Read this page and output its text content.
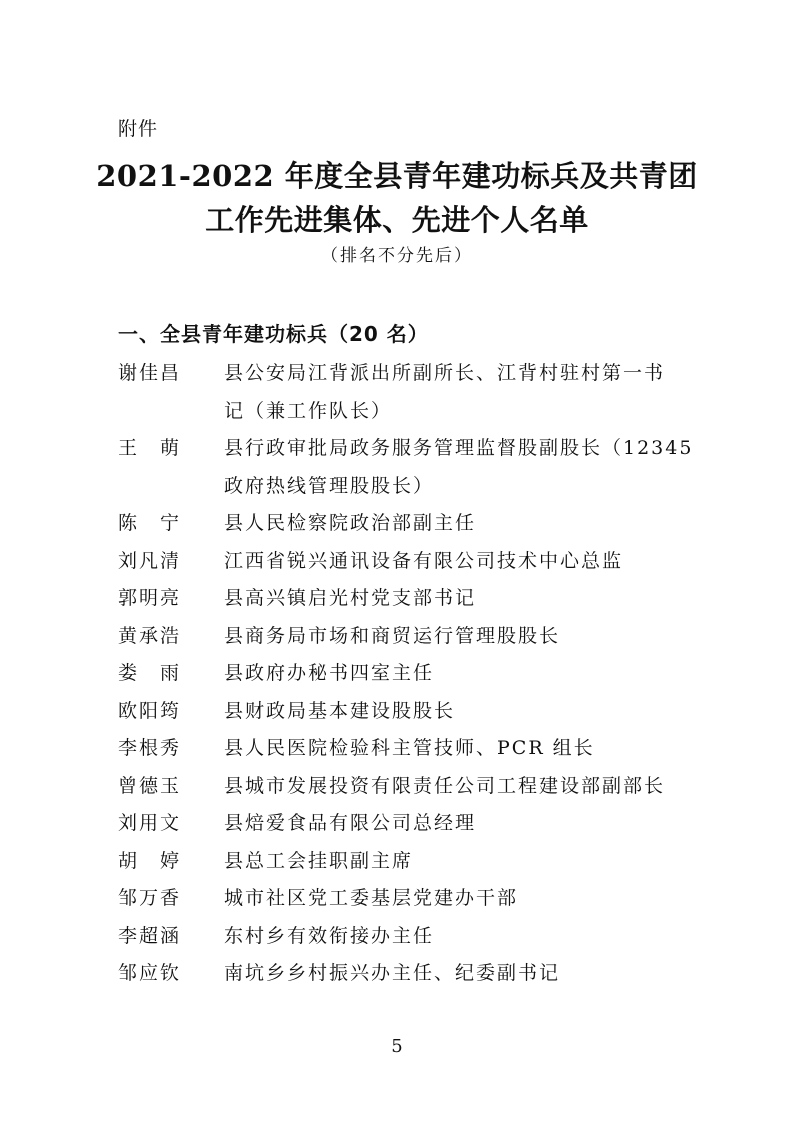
附件
2021-2022 年度全县青年建功标兵及共青团
工作先进集体、先进个人名单
（排名不分先后）
一、全县青年建功标兵（20 名）
谢佳昌	县公安局江背派出所副所长、江背村驻村第一书
记（兼工作队长）
王　萌	县行政审批局政务服务管理监督股副股长（12345
政府热线管理股股长）
陈　宁	县人民检察院政治部副主任
刘凡清	江西省锐兴通讯设备有限公司技术中心总监
郭明亮	县高兴镇启光村党支部书记
黄承浩	县商务局市场和商贸运行管理股股长
娄　雨	县政府办秘书四室主任
欧阳筠	县财政局基本建设股股长
李根秀	县人民医院检验科主管技师、PCR 组长
曾德玉	县城市发展投资有限责任公司工程建设部副部长
刘用文	县焙爱食品有限公司总经理
胡　婷	县总工会挂职副主席
邹万香	城市社区党工委基层党建办干部
李超涵	东村乡有效衔接办主任
邹应钦	南坑乡乡村振兴办主任、纪委副书记
5
